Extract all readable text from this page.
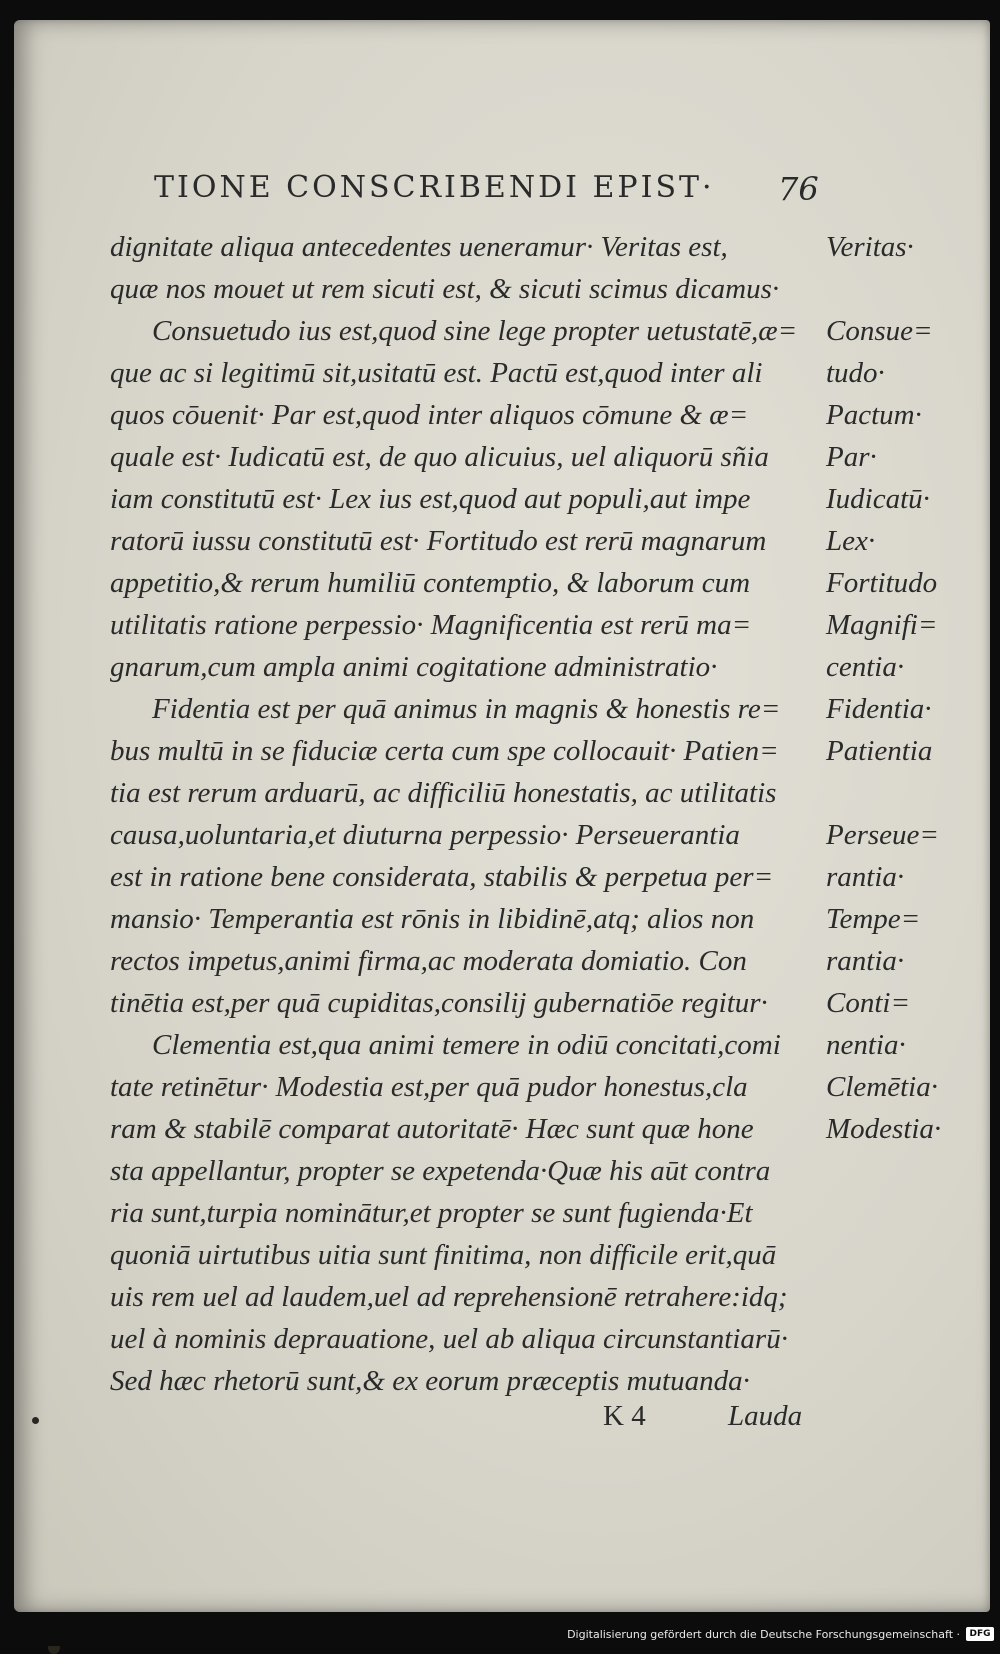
TIONE CONSCRIBENDI EPIST·	76
dignitate aliqua antecedentes ueneramur· Veritas est,
quæ nos mouet ut rem sicuti est, & sicuti scimus dicamus·
Consuetudo ius est,quod sine lege propter uetustatē,æ=
que ac si legitimū sit,usitatū est. Pactū est,quod inter ali
quos cōuenit· Par est,quod inter aliquos cōmune & æ=
quale est· Iudicatū est, de quo alicuius, uel aliquorū sñia
iam constitutū est· Lex ius est,quod aut populi,aut impe
ratorū iussu constitutū est· Fortitudo est rerū magnarum
appetitio,& rerum humiliū contemptio, & laborum cum
utilitatis ratione perpessio· Magnificentia est rerū ma=
gnarum,cum ampla animi cogitatione administratio·
Fidentia est per quā animus in magnis & honestis re=
bus multū in se fiduciæ certa cum spe collocauit· Patien=
tia est rerum arduarū, ac difficiliū honestatis, ac utilitatis
causa,uoluntaria,et diuturna perpessio· Perseuerantia
est in ratione bene considerata, stabilis & perpetua per=
mansio· Temperantia est rōnis in libidinē,atq; alios non
rectos impetus,animi firma,ac moderata domiatio. Con
tinētia est,per quā cupiditas,consilij gubernatiōe regitur·
Clementia est,qua animi temere in odiū concitati,comi
tate retinētur· Modestia est,per quā pudor honestus,cla
ram & stabilē comparat autoritatē· Hæc sunt quæ hone
sta appellantur, propter se expetenda·Quæ his aūt contra
ria sunt,turpia nominātur,et propter se sunt fugienda·Et
quoniā uirtutibus uitia sunt finitima, non difficile erit,quā
uis rem uel ad laudem,uel ad reprehensionē retrahere:idq;
uel à nominis deprauatione, uel ab aliqua circunstantiarū·
Sed hæc rhetorū sunt,& ex eorum præceptis mutuanda·
Veritas·
Consue=
tudo·
Pactum·
Par·
Iudicatū·
Lex·
Fortitudo
Magnifi=
centia·
Fidentia·
Patientia
Perseue=
rantia·
Tempe=
rantia·
Conti=
nentia·
Clemētia·
Modestia·
K 4	Lauda
Digitalisierung gefördert durch die Deutsche Forschungsgemeinschaft ·	DFG
